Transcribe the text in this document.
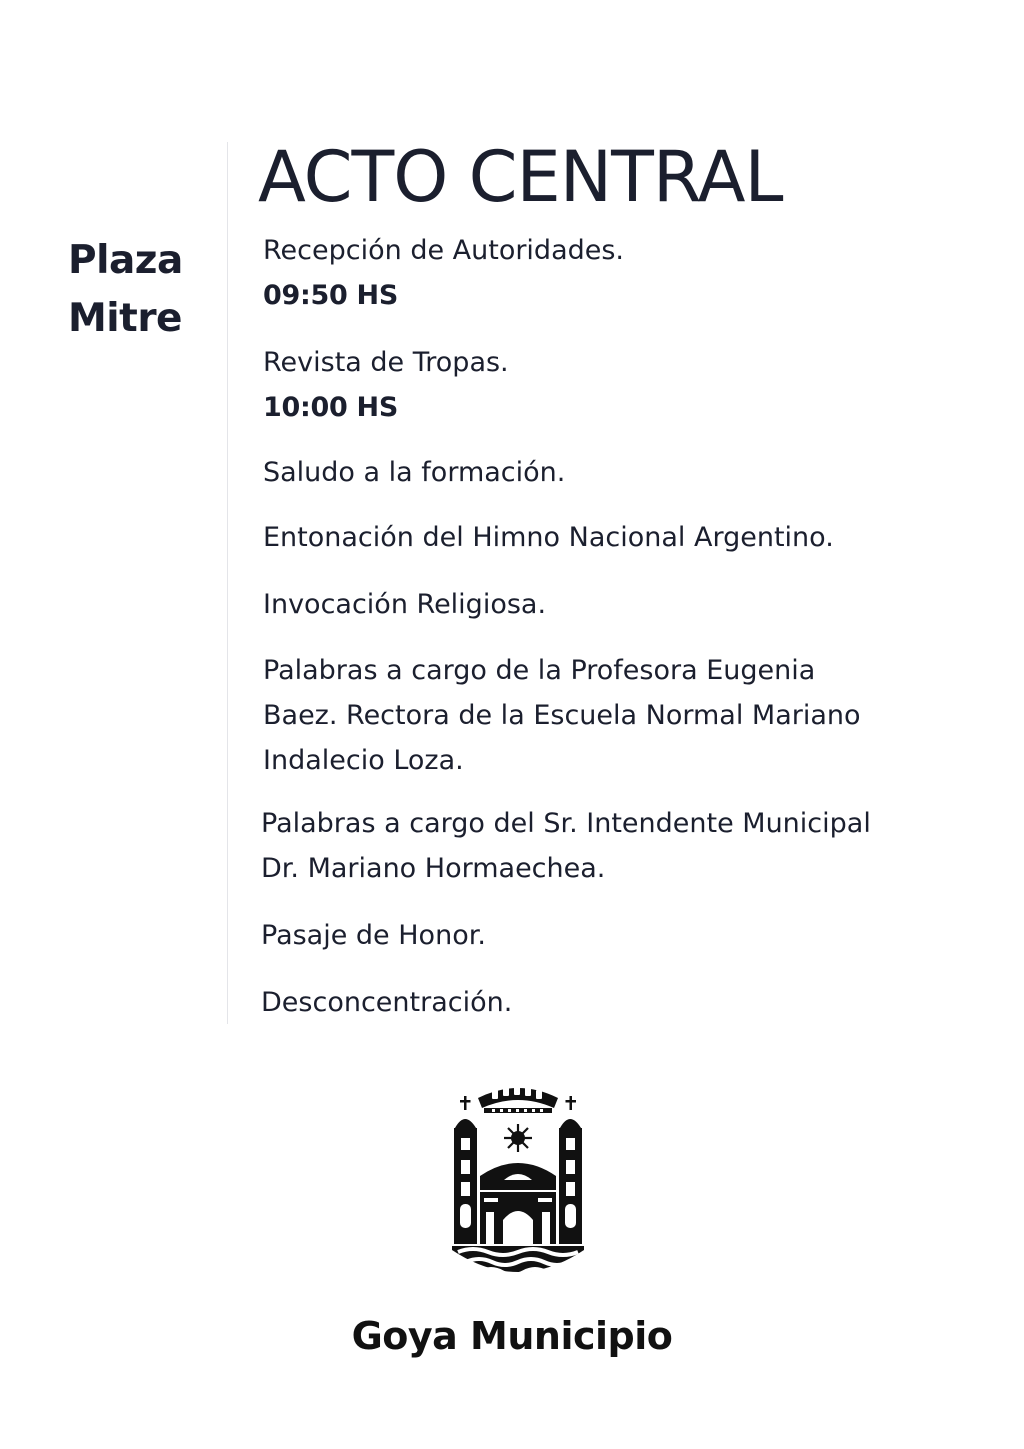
Plaza
Mitre
ACTO CENTRAL
Recepción de Autoridades.
09:50 HS
Revista de Tropas.
10:00 HS
Saludo a la formación.
Entonación del Himno Nacional Argentino.
Invocación Religiosa.
Palabras a cargo de la Profesora Eugenia
Baez. Rectora de la Escuela Normal Mariano
Indalecio Loza.
Palabras a cargo del Sr. Intendente Municipal
Dr. Mariano Hormaechea.
Pasaje de Honor.
Desconcentración.
Goya Municipio
